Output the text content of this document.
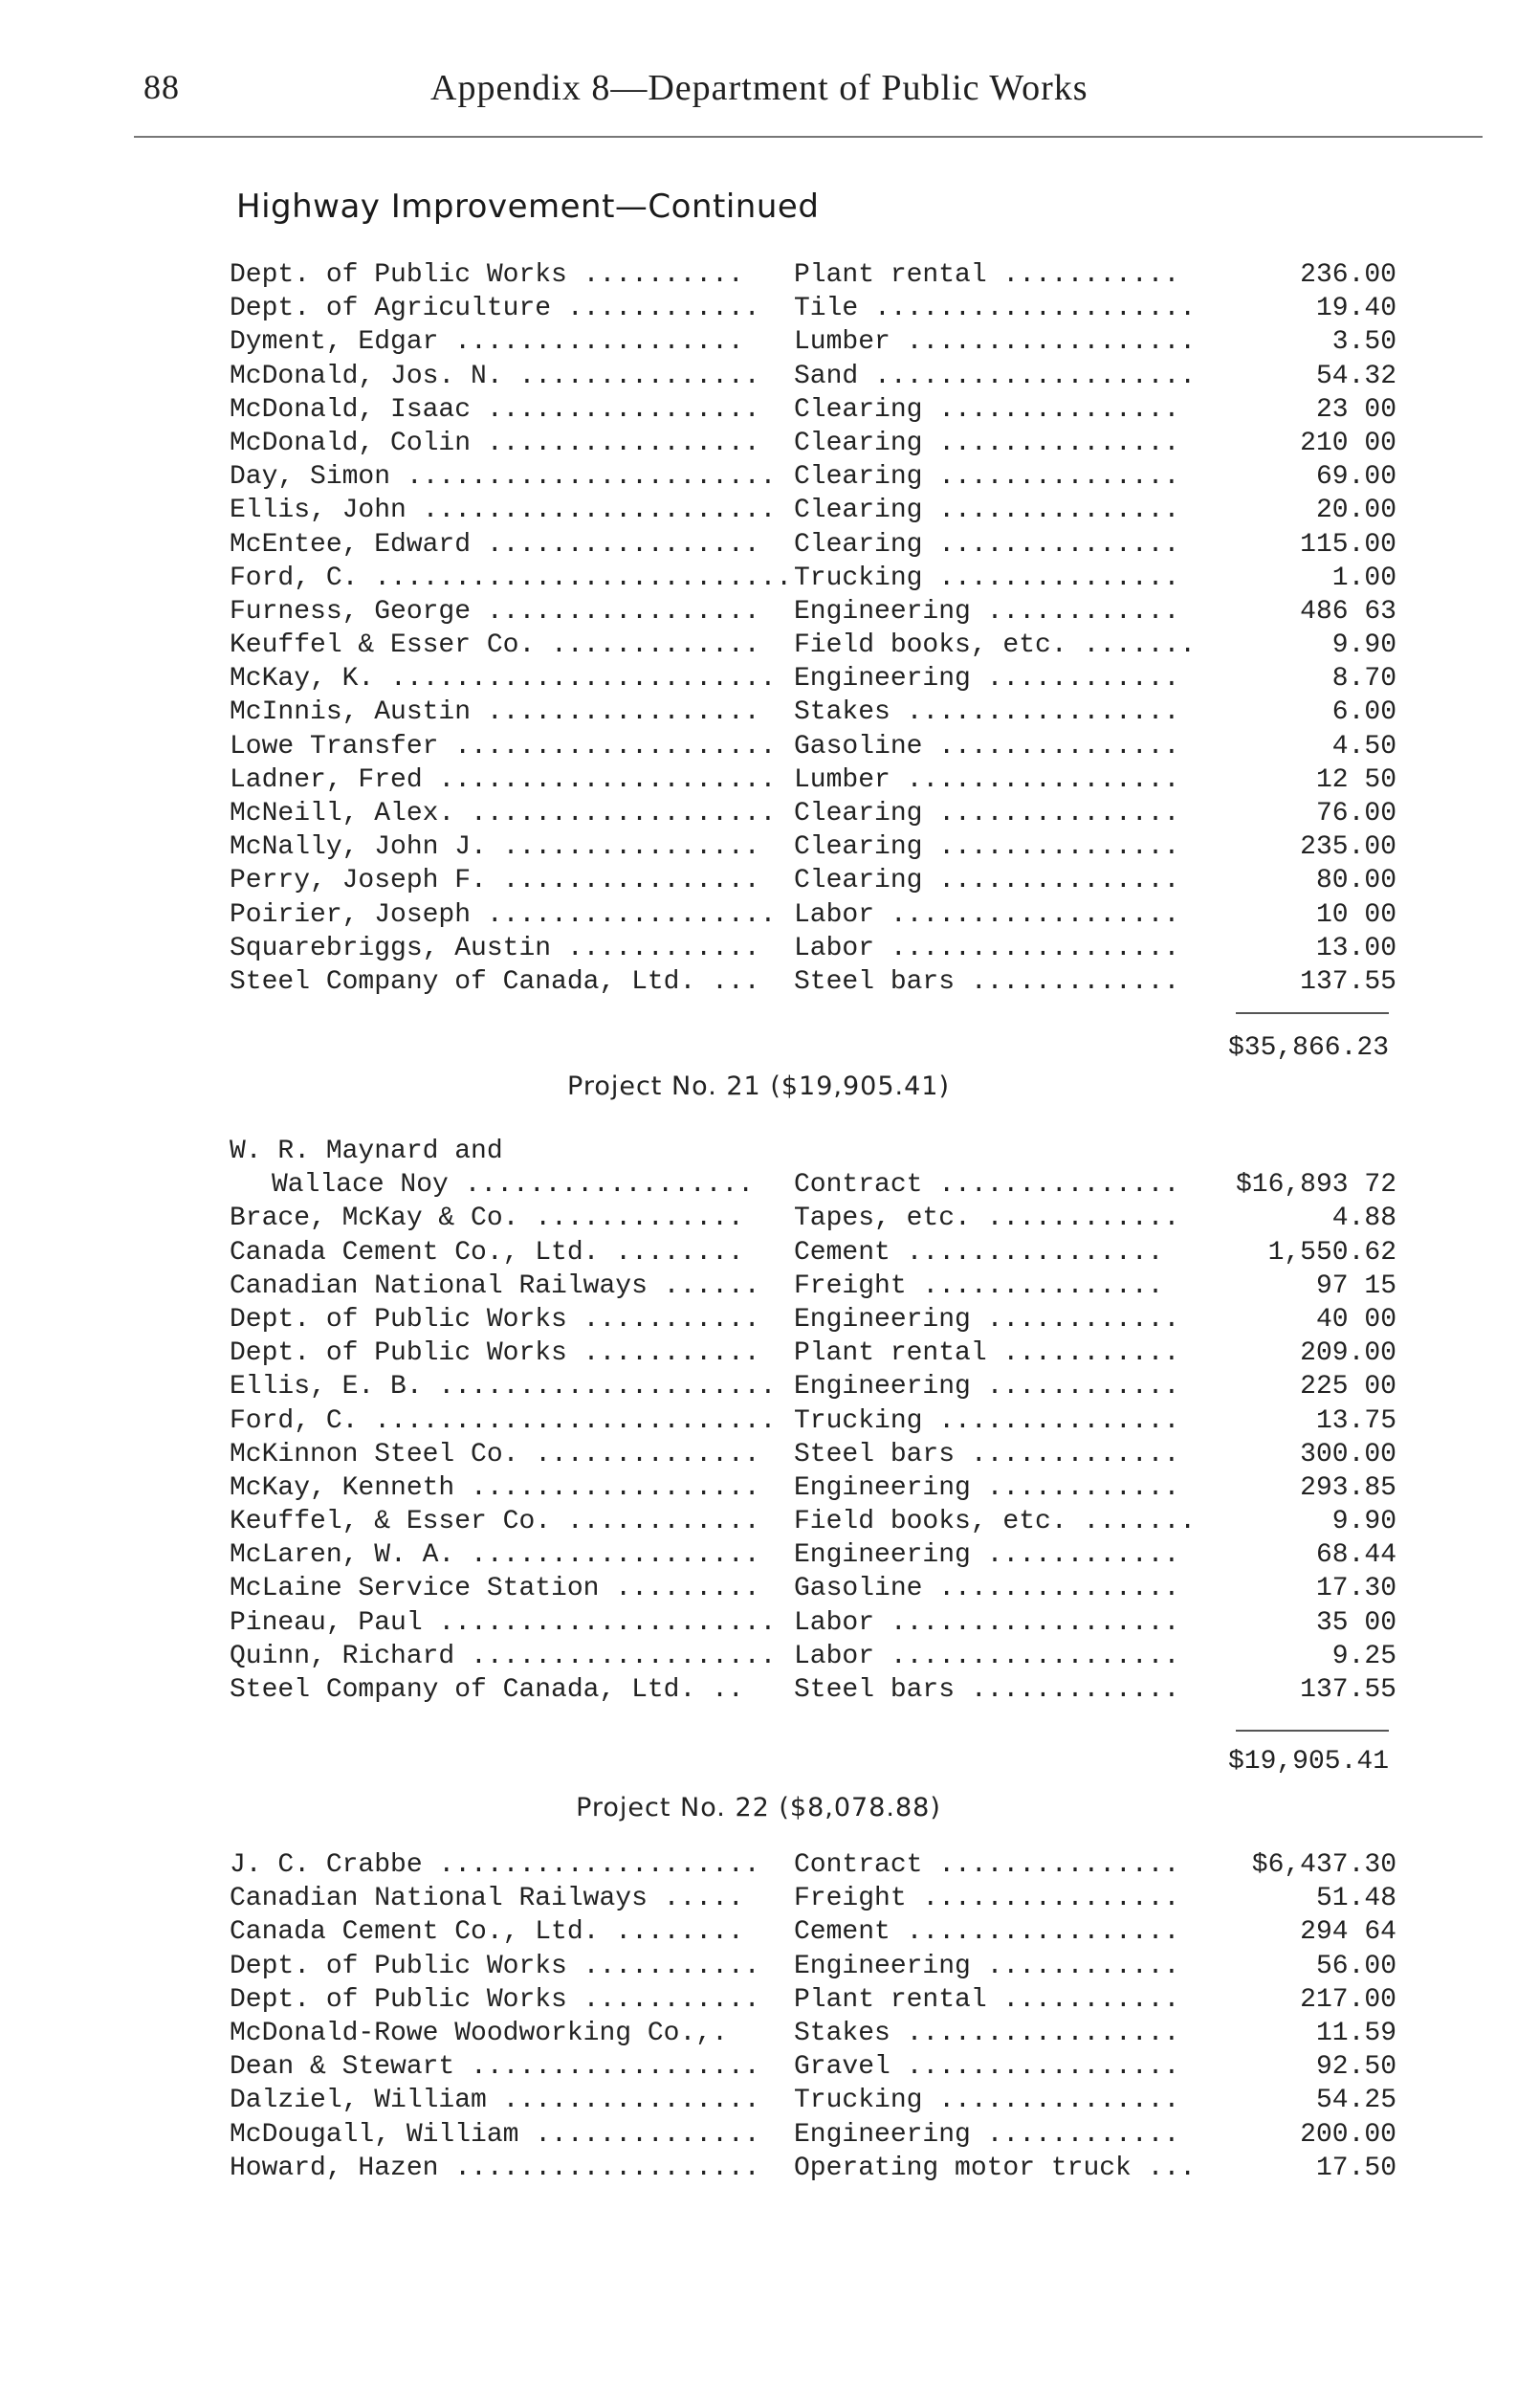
88	Appendix 8—Department of Public Works
Highway Improvement—Continued
Dept. of Public Works ..........	Plant rental ...........	236.00
Dept. of Agriculture ............	Tile ....................	19.40
Dyment, Edgar ..................	Lumber ..................	3.50
McDonald, Jos. N. ...............	Sand ....................	54.32
McDonald, Isaac .................	Clearing ...............	23 00
McDonald, Colin .................	Clearing ...............	210 00
Day, Simon ....................... Clearing ...............	69.00
Ellis, John ...................... Clearing ...............	20.00
McEntee, Edward .................	Clearing ...............	115.00
Ford, C. .......................... Trucking ...............	1.00
Furness, George .................	Engineering ............	486 63
Keuffel & Esser Co. .............	Field books, etc. .......	9.90
McKay, K. ........................ Engineering ............	8.70
McInnis, Austin .................	Stakes .................	6.00
Lowe Transfer .................... Gasoline ...............	4.50
Ladner, Fred ..................... Lumber .................	12 50
McNeill, Alex. ................... Clearing ...............	76.00
McNally, John J. ................	Clearing ...............	235.00
Perry, Joseph F. ................	Clearing ...............	80.00
Poirier, Joseph .................. Labor ..................	10 00
Squarebriggs, Austin ............	Labor ..................	13.00
Steel Company of Canada, Ltd. ...	Steel bars .............	137.55
$35,866.23
Project No. 21 ($19,905.41)
W. R. Maynard and
Wallace Noy ..................	Contract ...............	$16,893 72
Brace, McKay & Co. .............	Tapes, etc. ............	4.88
Canada Cement Co., Ltd. ........	Cement ................	1,550.62
Canadian National Railways ......	Freight ...............	97 15
Dept. of Public Works ...........	Engineering ............	40 00
Dept. of Public Works ...........	Plant rental ...........	209.00
Ellis, E. B. ..................... Engineering ............	225 00
Ford, C. ......................... Trucking ...............	13.75
McKinnon Steel Co. ..............	Steel bars .............	300.00
McKay, Kenneth ..................	Engineering ............	293.85
Keuffel, & Esser Co. ............	Field books, etc. .......	9.90
McLaren, W. A. ..................	Engineering ............	68.44
McLaine Service Station .........	Gasoline ...............	17.30
Pineau, Paul ..................... Labor ..................	35 00
Quinn, Richard ................... Labor ..................	9.25
Steel Company of Canada, Ltd. ..	Steel bars .............	137.55
$19,905.41
Project No. 22 ($8,078.88)
J. C. Crabbe ....................	Contract ...............	$6,437.30
Canadian National Railways .....	Freight ................	51.48
Canada Cement Co., Ltd. ........	Cement .................	294 64
Dept. of Public Works ...........	Engineering ............	56.00
Dept. of Public Works ...........	Plant rental ...........	217.00
McDonald-Rowe Woodworking Co.,.	Stakes .................	11.59
Dean & Stewart ..................	Gravel .................	92.50
Dalziel, William ................	Trucking ...............	54.25
McDougall, William ..............	Engineering ............	200.00
Howard, Hazen ...................	Operating motor truck ...	17.50
